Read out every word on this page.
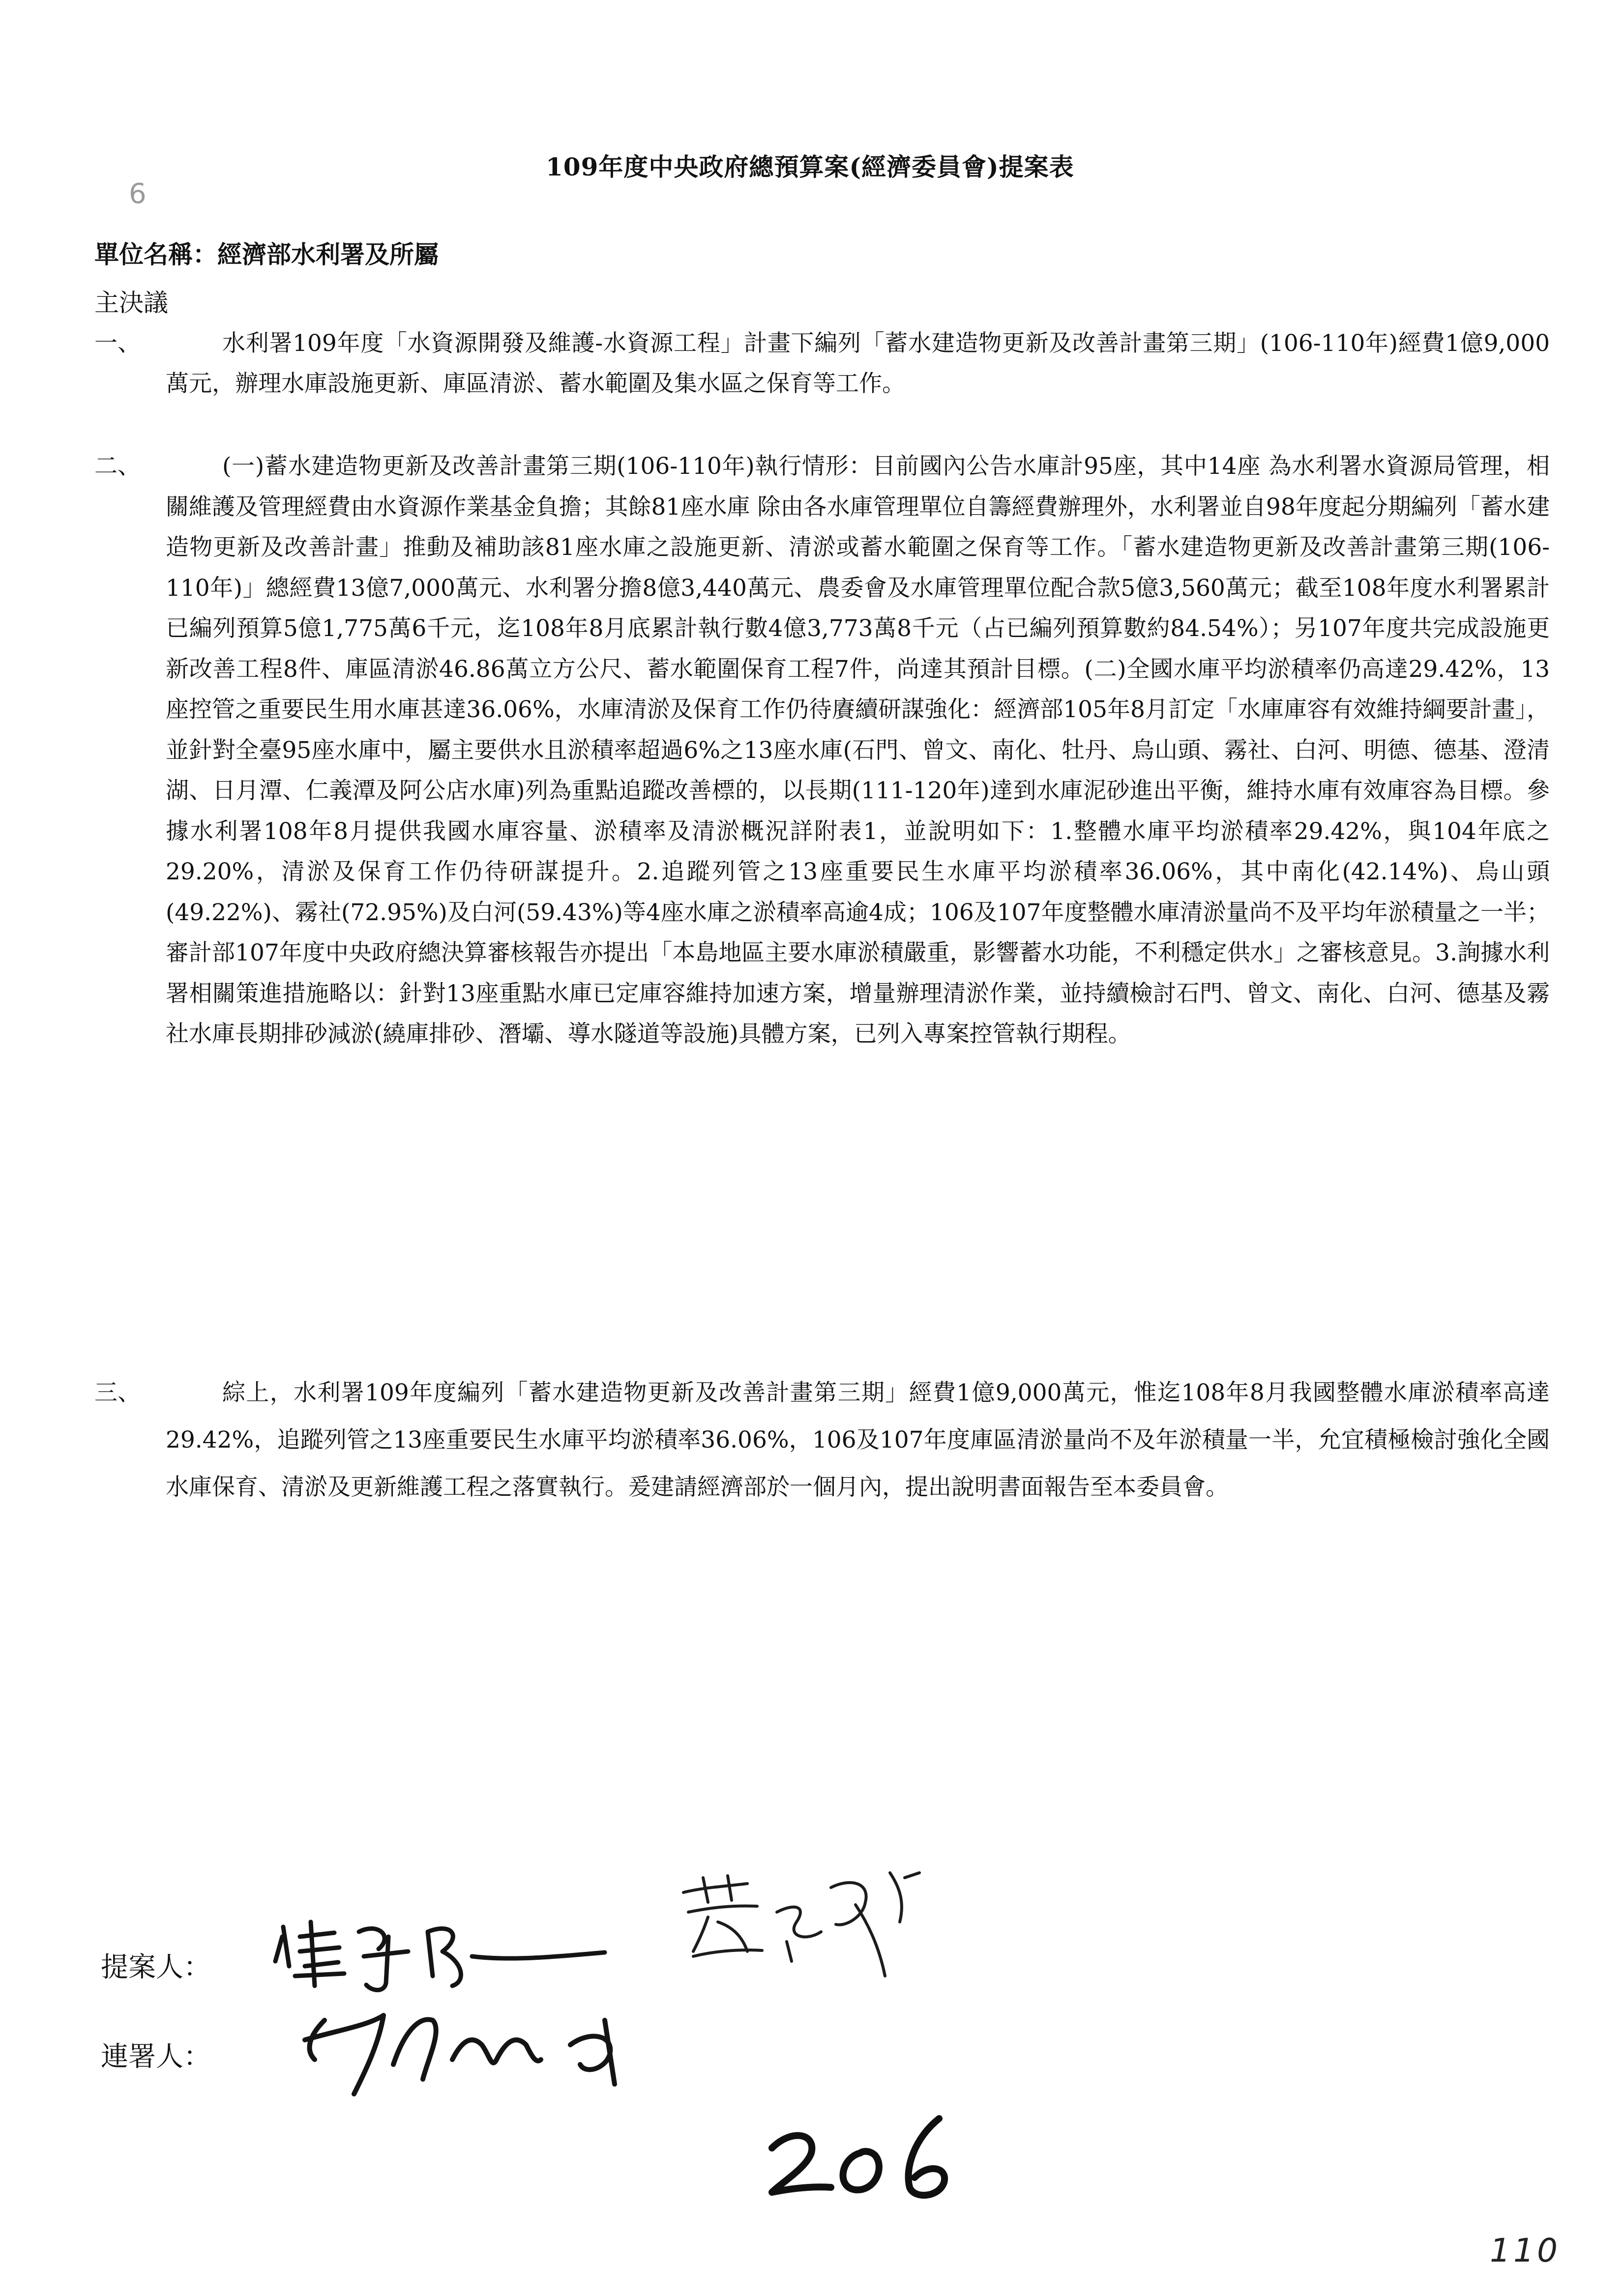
109年度中央政府總預算案(經濟委員會)提案表
6
單位名稱：經濟部水利署及所屬
主決議
一、	水利署109年度「水資源開發及維護-水資源工程」計畫下編列「蓄水建造物更新及改善計畫第三期」(106-110年)經費1億9,000萬元，辦理水庫設施更新、庫區清淤、蓄水範圍及集水區之保育等工作。
二、	(一)蓄水建造物更新及改善計畫第三期(106-110年)執行情形：目前國內公告水庫計95座，其中14座 為水利署水資源局管理，相關維護及管理經費由水資源作業基金負擔；其餘81座水庫 除由各水庫管理單位自籌經費辦理外，水利署並自98年度起分期編列「蓄水建造物更新及改善計畫」推動及補助該81座水庫之設施更新、清淤或蓄水範圍之保育等工作。「蓄水建造物更新及改善計畫第三期(106-110年)」總經費13億7,000萬元、水利署分擔8億3,440萬元、農委會及水庫管理單位配合款5億3,560萬元；截至108年度水利署累計已編列預算5億1,775萬6千元，迄108年8月底累計執行數4億3,773萬8千元（占已編列預算數約84.54%）；另107年度共完成設施更新改善工程8件、庫區清淤46.86萬立方公尺、蓄水範圍保育工程7件，尚達其預計目標。(二)全國水庫平均淤積率仍高達29.42%，13座控管之重要民生用水庫甚達36.06%，水庫清淤及保育工作仍待賡續研謀強化：經濟部105年8月訂定「水庫庫容有效維持綱要計畫」，並針對全臺95座水庫中，屬主要供水且淤積率超過6%之13座水庫(石門、曾文、南化、牡丹、烏山頭、霧社、白河、明德、德基、澄清湖、日月潭、仁義潭及阿公店水庫)列為重點追蹤改善標的，以長期(111-120年)達到水庫泥砂進出平衡，維持水庫有效庫容為目標。參據水利署108年8月提供我國水庫容量、淤積率及清淤概況詳附表1，並說明如下：1.整體水庫平均淤積率29.42%，與104年底之29.20%，清淤及保育工作仍待研謀提升。2.追蹤列管之13座重要民生水庫平均淤積率36.06%，其中南化(42.14%)、烏山頭(49.22%)、霧社(72.95%)及白河(59.43%)等4座水庫之淤積率高逾4成；106及107年度整體水庫清淤量尚不及平均年淤積量之一半；審計部107年度中央政府總決算審核報告亦提出「本島地區主要水庫淤積嚴重，影響蓄水功能，不利穩定供水」之審核意見。3.詢據水利署相關策進措施略以：針對13座重點水庫已定庫容維持加速方案，增量辦理清淤作業，並持續檢討石門、曾文、南化、白河、德基及霧社水庫長期排砂減淤(繞庫排砂、潛壩、導水隧道等設施)具體方案，已列入專案控管執行期程。
三、	綜上，水利署109年度編列「蓄水建造物更新及改善計畫第三期」經費1億9,000萬元，惟迄108年8月我國整體水庫淤積率高達29.42%，追蹤列管之13座重要民生水庫平均淤積率36.06%，106及107年度庫區清淤量尚不及年淤積量一半，允宜積極檢討強化全國水庫保育、清淤及更新維護工程之落實執行。爰建請經濟部於一個月內，提出說明書面報告至本委員會。
提案人：
連署人：
110
